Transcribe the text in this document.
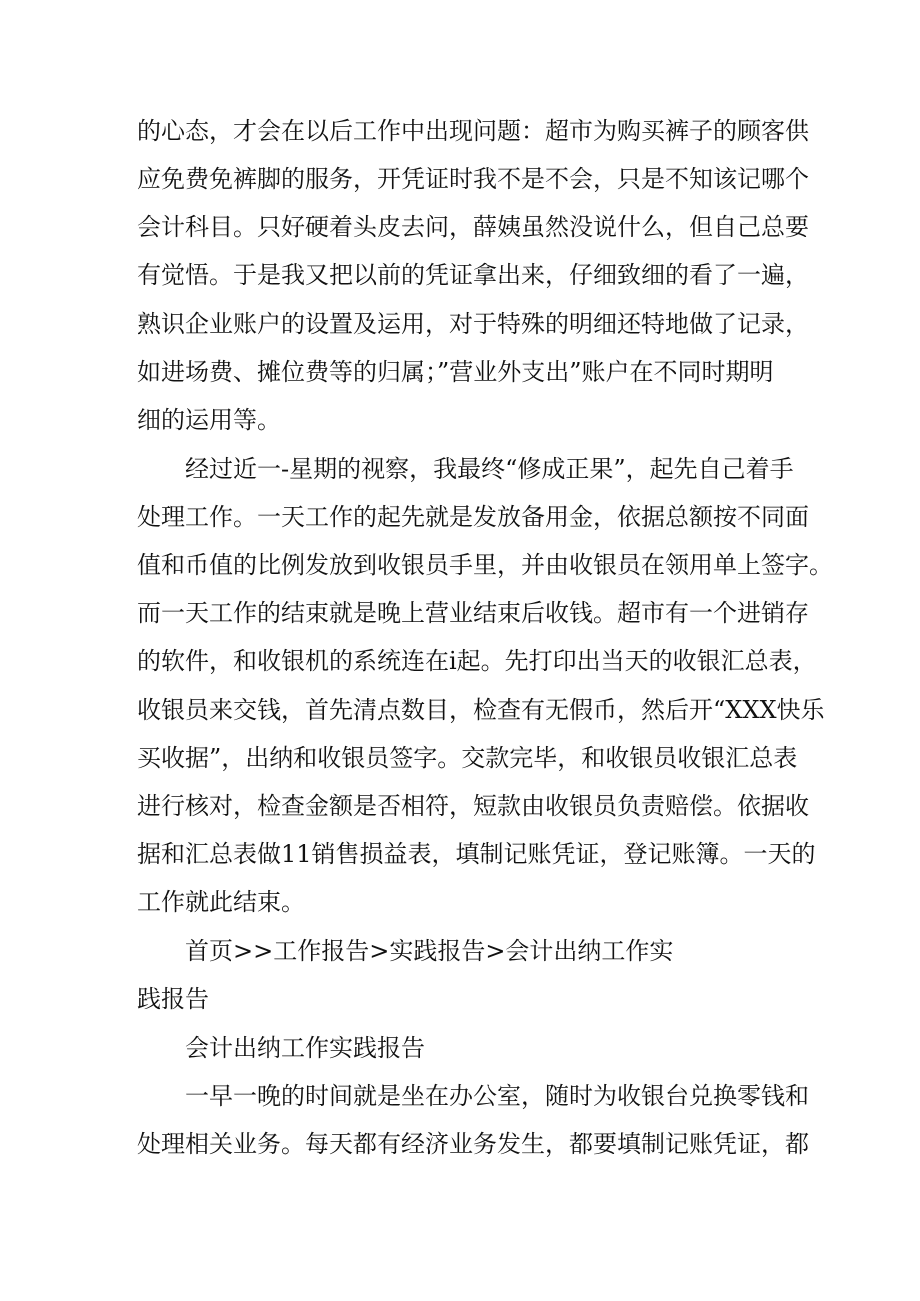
的心态，才会在以后工作中出现问题：超市为购买裤子的顾客供
应免费免裤脚的服务，开凭证时我不是不会，只是不知该记哪个
会计科目。只好硬着头皮去问，薛姨虽然没说什么，但自己总要
有觉悟。于是我又把以前的凭证拿出来，仔细致细的看了一遍，
熟识企业账户的设置及运用，对于特殊的明细还特地做了记录，
如进场费、摊位费等的归属；”营业外支出”账户在不同时期明
细的运用等。
经过近一-星期的视察，我最终“修成正果”，起先自己着手
处理工作。一天工作的起先就是发放备用金，依据总额按不同面
值和币值的比例发放到收银员手里，并由收银员在领用单上签字。
而一天工作的结束就是晚上营业结束后收钱。超市有一个进销存
的软件，和收银机的系统连在i起。先打印出当天的收银汇总表，
收银员来交钱，首先清点数目，检查有无假币，然后开“XXX快乐
买收据”，出纳和收银员签字。交款完毕，和收银员收银汇总表
进行核对，检查金额是否相符，短款由收银员负责赔偿。依据收
据和汇总表做11销售损益表，填制记账凭证，登记账簿。一天的
工作就此结束。
首页>>工作报告>实践报告>会计出纳工作实
践报告
会计出纳工作实践报告
一早一晚的时间就是坐在办公室，随时为收银台兑换零钱和
处理相关业务。每天都有经济业务发生，都要填制记账凭证，都
